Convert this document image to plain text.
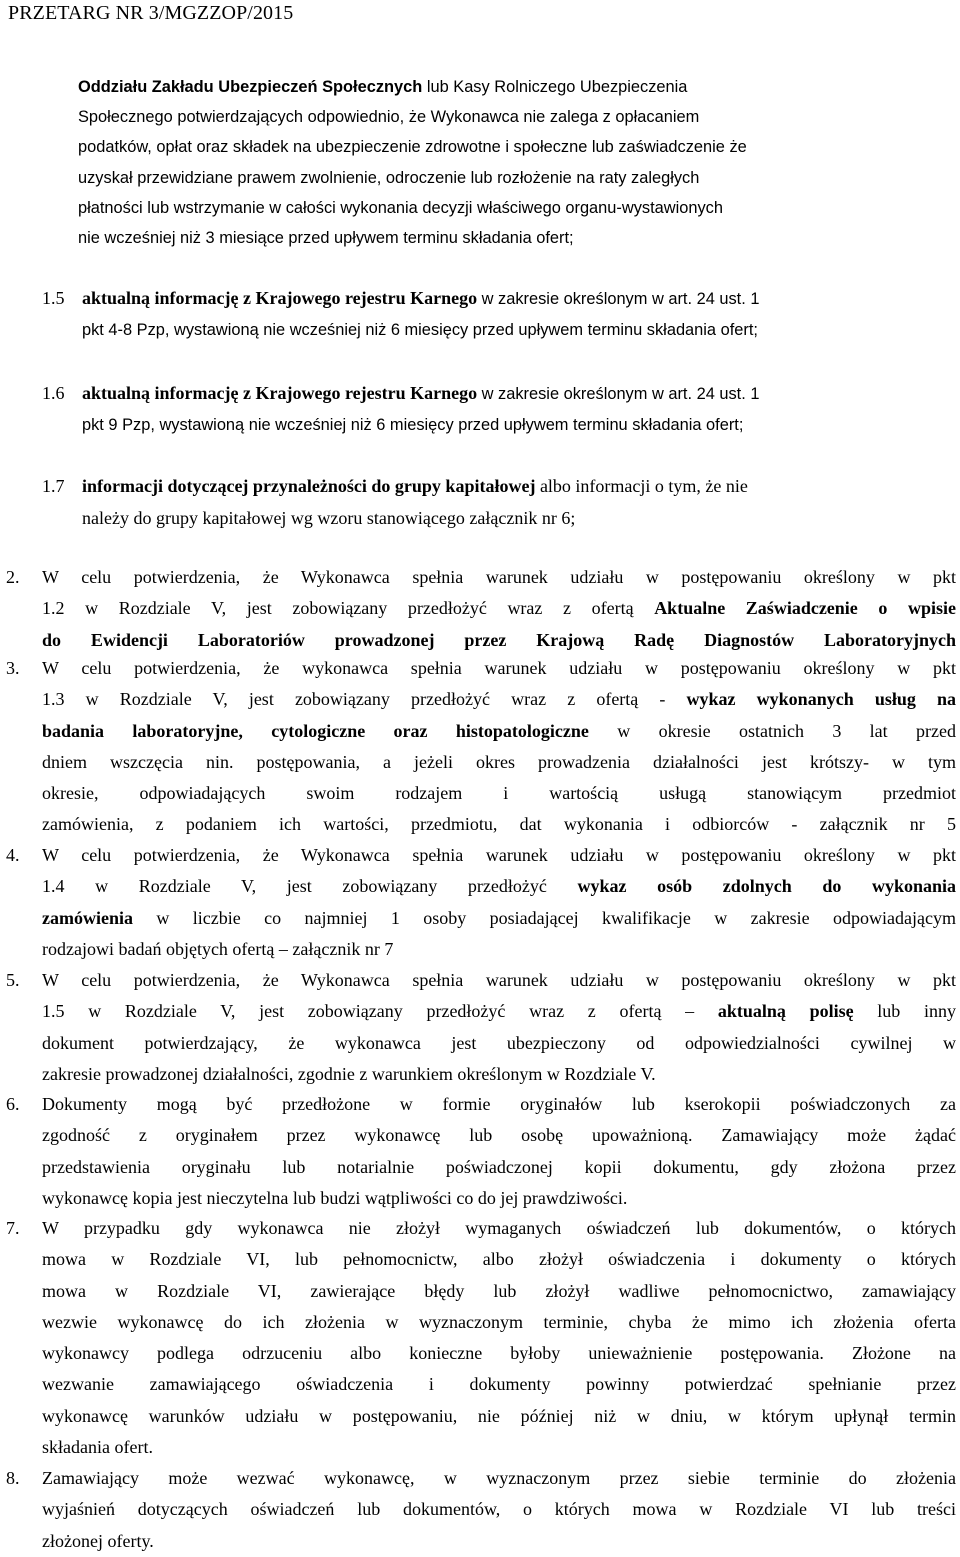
PRZETARG NR 3/MGZZOP/2015
Oddziału Zakładu Ubezpieczeń Społecznych lub Kasy Rolniczego Ubezpieczenia
Społecznego potwierdzających odpowiednio, że Wykonawca nie zalega z opłacaniem
podatków, opłat oraz składek na ubezpieczenie zdrowotne i społeczne lub zaświadczenie że
uzyskał przewidziane prawem zwolnienie, odroczenie lub rozłożenie na raty zaległych
płatności lub wstrzymanie w całości wykonania decyzji właściwego organu-wystawionych
nie wcześniej niż 3 miesiące przed upływem terminu składania ofert;
1.5 aktualną informację z Krajowego rejestru Karnego w zakresie określonym w art. 24 ust. 1
pkt 4-8 Pzp, wystawioną nie wcześniej niż 6 miesięcy przed upływem terminu składania ofert;
1.6 aktualną informację z Krajowego rejestru Karnego w zakresie określonym w art. 24 ust. 1
pkt 9 Pzp, wystawioną nie wcześniej niż 6 miesięcy przed upływem terminu składania ofert;
1.7 informacji dotyczącej przynależności do grupy kapitałowej albo informacji o tym, że nie
należy do grupy kapitałowej wg wzoru stanowiącego załącznik nr 6;
2. W celu potwierdzenia, że Wykonawca spełnia warunek udziału w postępowaniu określony w pkt
1.2 w Rozdziale V, jest zobowiązany przedłożyć wraz z ofertą Aktualne Zaświadczenie o wpisie
do Ewidencji Laboratoriów prowadzonej przez Krajową Radę Diagnostów Laboratoryjnych
3. W celu potwierdzenia, że wykonawca spełnia warunek udziału w postępowaniu określony w pkt
1.3 w Rozdziale V, jest zobowiązany przedłożyć wraz z ofertą - wykaz wykonanych usług na
badania laboratoryjne, cytologiczne oraz histopatologiczne w okresie ostatnich 3 lat przed
dniem wszczęcia nin. postępowania, a jeżeli okres prowadzenia działalności jest krótszy- w tym
okresie, odpowiadających swoim rodzajem i wartością usługą stanowiącym przedmiot
zamówienia, z podaniem ich wartości, przedmiotu, dat wykonania i odbiorców - załącznik nr 5
4. W celu potwierdzenia, że Wykonawca spełnia warunek udziału w postępowaniu określony w pkt
1.4 w Rozdziale V, jest zobowiązany przedłożyć wykaz osób zdolnych do wykonania
zamówienia w liczbie co najmniej 1 osoby posiadającej kwalifikacje w zakresie odpowiadającym
rodzajowi badań objętych ofertą – załącznik nr 7
5. W celu potwierdzenia, że Wykonawca spełnia warunek udziału w postępowaniu określony w pkt
1.5 w Rozdziale V, jest zobowiązany przedłożyć wraz z ofertą – aktualną polisę lub inny
dokument potwierdzający, że wykonawca jest ubezpieczony od odpowiedzialności cywilnej w
zakresie prowadzonej działalności, zgodnie z warunkiem określonym w Rozdziale V.
6. Dokumenty mogą być przedłożone w formie oryginałów lub kserokopii poświadczonych za
zgodność z oryginałem przez wykonawcę lub osobę upoważnioną. Zamawiający może żądać
przedstawienia oryginału lub notarialnie poświadczonej kopii dokumentu, gdy złożona przez
wykonawcę kopia jest nieczytelna lub budzi wątpliwości co do jej prawdziwości.
7. W przypadku gdy wykonawca nie złożył wymaganych oświadczeń lub dokumentów, o których
mowa w Rozdziale VI, lub pełnomocnictw, albo złożył oświadczenia i dokumenty o których
mowa w Rozdziale VI, zawierające błędy lub złożył wadliwe pełnomocnictwo, zamawiający
wezwie wykonawcę do ich złożenia w wyznaczonym terminie, chyba że mimo ich złożenia oferta
wykonawcy podlega odrzuceniu albo konieczne byłoby unieważnienie postępowania. Złożone na
wezwanie zamawiającego oświadczenia i dokumenty powinny potwierdzać spełnianie przez
wykonawcę warunków udziału w postępowaniu, nie później niż w dniu, w którym upłynął termin
składania ofert.
8. Zamawiający może wezwać wykonawcę, w wyznaczonym przez siebie terminie do złożenia
wyjaśnień dotyczących oświadczeń lub dokumentów, o których mowa w Rozdziale VI lub treści
złożonej oferty.
